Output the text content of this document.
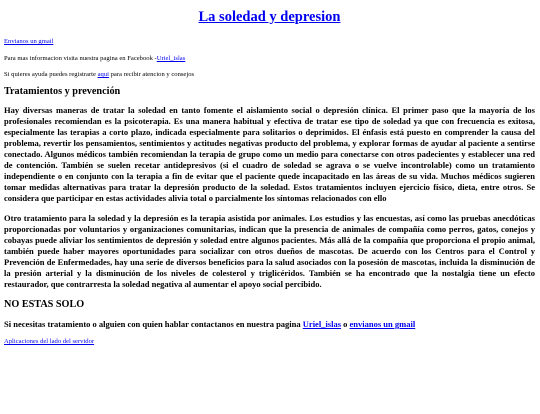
La soledad y depresion

Envianos un gmail

Para mas informacion visita nuestra pagina en Facebook -Uriel_islas

Si quieres ayuda puedes registrarte aqui para recibir atencion y consejos

Tratamientos y prevención

Hay diversas maneras de tratar la soledad en tanto fomente el aislamiento social o depresión clínica. El primer paso que la mayoría de los profesionales recomiendan es la psicoterapia. Es una manera habitual y efectiva de tratar ese tipo de soledad ya que con frecuencia es exitosa, especialmente las terapias a corto plazo, indicada especialmente para solitarios o deprimidos. El énfasis está puesto en comprender la causa del problema, revertir los pensamientos, sentimientos y actitudes negativas producto del problema, y explorar formas de ayudar al paciente a sentirse conectado. Algunos médicos también recomiendan la terapia de grupo como un medio para conectarse con otros padecientes y establecer una red de contención. También se suelen recetar antidepresivos (si el cuadro de soledad se agrava o se vuelve incontrolable) como un tratamiento independiente o en conjunto con la terapia a fin de evitar que el paciente quede incapacitado en las áreas de su vida. Muchos médicos sugieren tomar medidas alternativas para tratar la depresión producto de la soledad. Estos tratamientos incluyen ejercicio físico, dieta, entre otros. Se considera que participar en estas actividades alivia total o parcialmente los síntomas relacionados con ello

Otro tratamiento para la soledad y la depresión es la terapia asistida por animales. Los estudios y las encuestas, así como las pruebas anecdóticas proporcionadas por voluntarios y organizaciones comunitarias, indican que la presencia de animales de compañía como perros, gatos, conejos y cobayas puede aliviar los sentimientos de depresión y soledad entre algunos pacientes. Más allá de la compañía que proporciona el propio animal, también puede haber mayores oportunidades para socializar con otros dueños de mascotas. De acuerdo con los Centros para el Control y Prevención de Enfermedades, hay una serie de diversos beneficios para la salud asociados con la posesión de mascotas, incluida la disminución de la presión arterial y la disminución de los niveles de colesterol y triglicéridos. También se ha encontrado que la nostalgia tiene un efecto restaurador, que contrarresta la soledad negativa al aumentar el apoyo social percibido.

NO ESTAS SOLO

Si necesitas tratamiento o alguien con quien hablar contactanos en nuestra pagina Uriel_islas o envianos un gmail

Aplicaciones del lado del servidor
